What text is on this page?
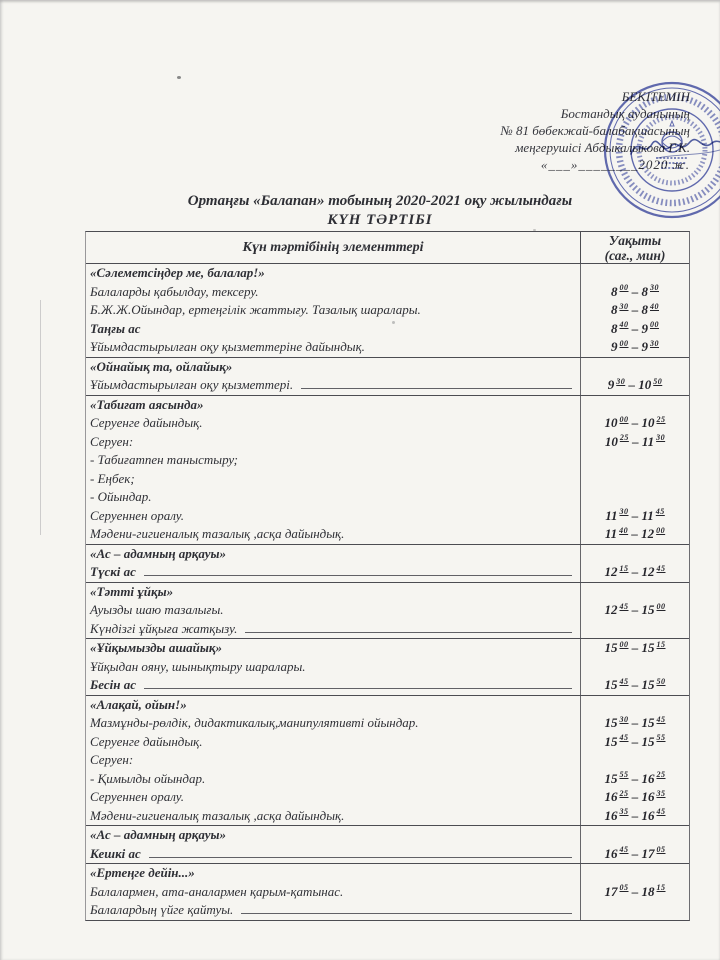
БЕКІТЕМІН
Бостандық ауданының
№ 81 бөбекжай-балабақшасының
меңгерушісі Абдыкалыкова Г.К.
«___»________2020 ж.
Ортаңғы «Балапан» тобының 2020-2021 оқу жылындағы
КҮН ТӘРТІБІ
Күн тәртібінің элементтері	Уақыты
(сағ., мин)
«Сәлеметсіңдер ме, балалар!»
Балаларды қабылдау, тексеру.	8 $^{00}$ – 8 $^{30}$
Б.Ж.Ж.Ойындар, ертеңгілік жаттығу. Тазалық шаралары.	8 $^{30}$ – 8 $^{40}$
Таңғы ас	8 $^{40}$ – 9 $^{00}$
Ұйымдастырылған оқу қызметтеріне дайындық.	9 $^{00}$ – 9 $^{30}$
«Ойнайық та, ойлайық»
Ұйымдастырылған оқу қызметтері.	9 $^{30}$ – 10 $^{50}$
«Табиғат аясында»
Серуенге дайындық.	10 $^{00}$ – 10 $^{25}$
Серуен:	10 $^{25}$ – 11 $^{30}$
- Табиғатпен таныстыру;
- Еңбек;
- Ойындар.
Серуеннен оралу.	11 $^{30}$ – 11 $^{45}$
Мәдени-гигиеналық тазалық ,асқа дайындық.	11 $^{40}$ – 12 $^{00}$
«Ас – адамның арқауы»
Түскі ас	12 $^{15}$ – 12 $^{45}$
«Тәтті ұйқы»
Ауызды шаю тазалығы.	12 $^{45}$ – 15 $^{00}$
Күндізгі ұйқыға жатқызу.
«Ұйқымызды ашайық»	15 $^{00}$ – 15 $^{15}$
Ұйқыдан ояну, шынықтыру шаралары.
Бесін ас	15 $^{45}$ – 15 $^{50}$
«Алақай, ойын!»
Мазмұнды-рөлдік, дидактикалық,манипулятивті ойындар.	15 $^{30}$ – 15 $^{45}$
Серуенге дайындық.	15 $^{45}$ – 15 $^{55}$
Серуен:
- Қимылды ойындар.	15 $^{55}$ – 16 $^{25}$
Серуеннен оралу.	16 $^{25}$ – 16 $^{35}$
Мәдени-гигиеналық тазалық ,асқа дайындық.	16 $^{35}$ – 16 $^{45}$
«Ас – адамның арқауы»
Кешкі ас	16 $^{45}$ – 17 $^{05}$
«Ертеңге дейін...»
Балалармен, ата-аналармен қарым-қатынас.	17 $^{05}$ – 18 $^{15}$
Балалардың үйге қайтуы.
